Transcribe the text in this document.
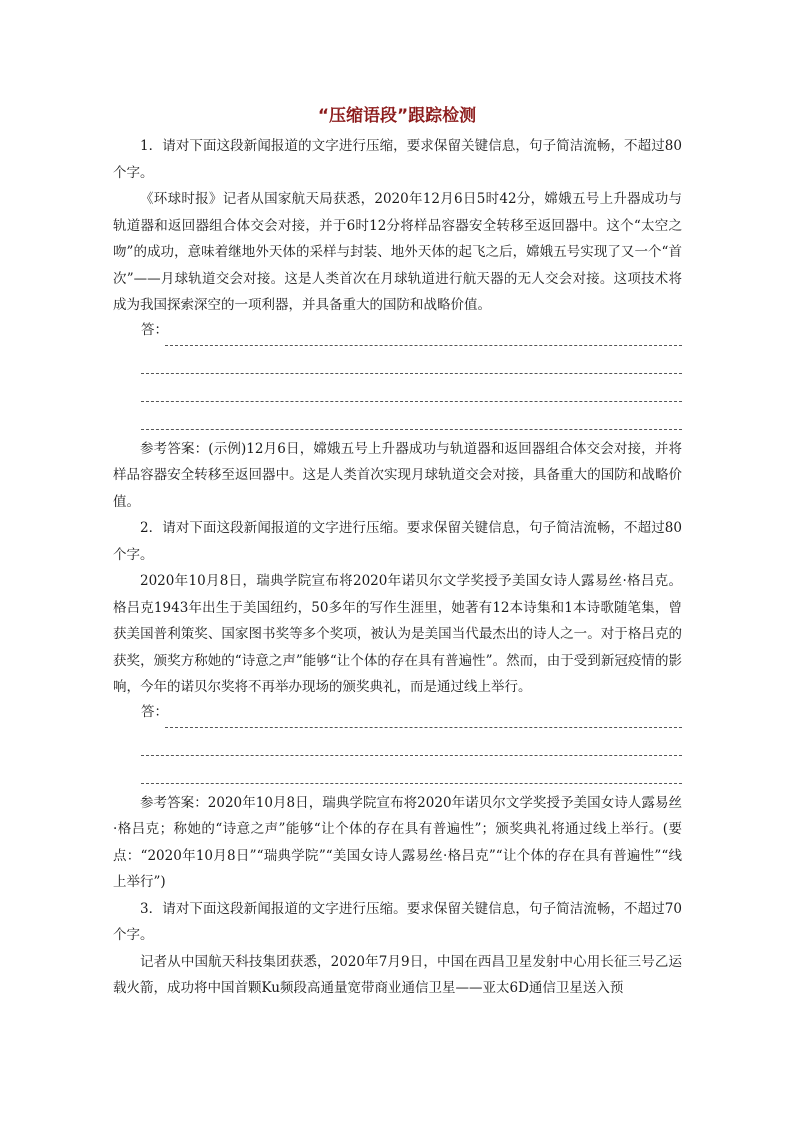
“压缩语段”跟踪检测

1．请对下面这段新闻报道的文字进行压缩，要求保留关键信息，句子简洁流畅，不超过80个字。

《环球时报》记者从国家航天局获悉，2020年12月6日5时42分，嫦娥五号上升器成功与轨道器和返回器组合体交会对接，并于6时12分将样品容器安全转移至返回器中。这个“太空之吻”的成功，意味着继地外天体的采样与封装、地外天体的起飞之后，嫦娥五号实现了又一个“首次”——月球轨道交会对接。这是人类首次在月球轨道进行航天器的无人交会对接。这项技术将成为我国探索深空的一项利器，并具备重大的国防和战略价值。

答：

参考答案：(示例)12月6日，嫦娥五号上升器成功与轨道器和返回器组合体交会对接，并将样品容器安全转移至返回器中。这是人类首次实现月球轨道交会对接，具备重大的国防和战略价值。

2．请对下面这段新闻报道的文字进行压缩。要求保留关键信息，句子简洁流畅，不超过80个字。

2020年10月8日，瑞典学院宣布将2020年诺贝尔文学奖授予美国女诗人露易丝·格吕克。格吕克1943年出生于美国纽约，50多年的写作生涯里，她著有12本诗集和1本诗歌随笔集，曾获美国普利策奖、国家图书奖等多个奖项，被认为是美国当代最杰出的诗人之一。对于格吕克的获奖，颁奖方称她的“诗意之声”能够“让个体的存在具有普遍性”。然而，由于受到新冠疫情的影响，今年的诺贝尔奖将不再举办现场的颁奖典礼，而是通过线上举行。

答：

参考答案：2020年10月8日，瑞典学院宣布将2020年诺贝尔文学奖授予美国女诗人露易丝·格吕克；称她的“诗意之声”能够“让个体的存在具有普遍性”；颁奖典礼将通过线上举行。(要点：“2020年10月8日”“瑞典学院”“美国女诗人露易丝·格吕克”“让个体的存在具有普遍性”“线上举行”)

3．请对下面这段新闻报道的文字进行压缩。要求保留关键信息，句子简洁流畅，不超过70个字。

记者从中国航天科技集团获悉，2020年7月9日，中国在西昌卫星发射中心用长征三号乙运载火箭，成功将中国首颗Ku频段高通量宽带商业通信卫星——亚太6D通信卫星送入预
